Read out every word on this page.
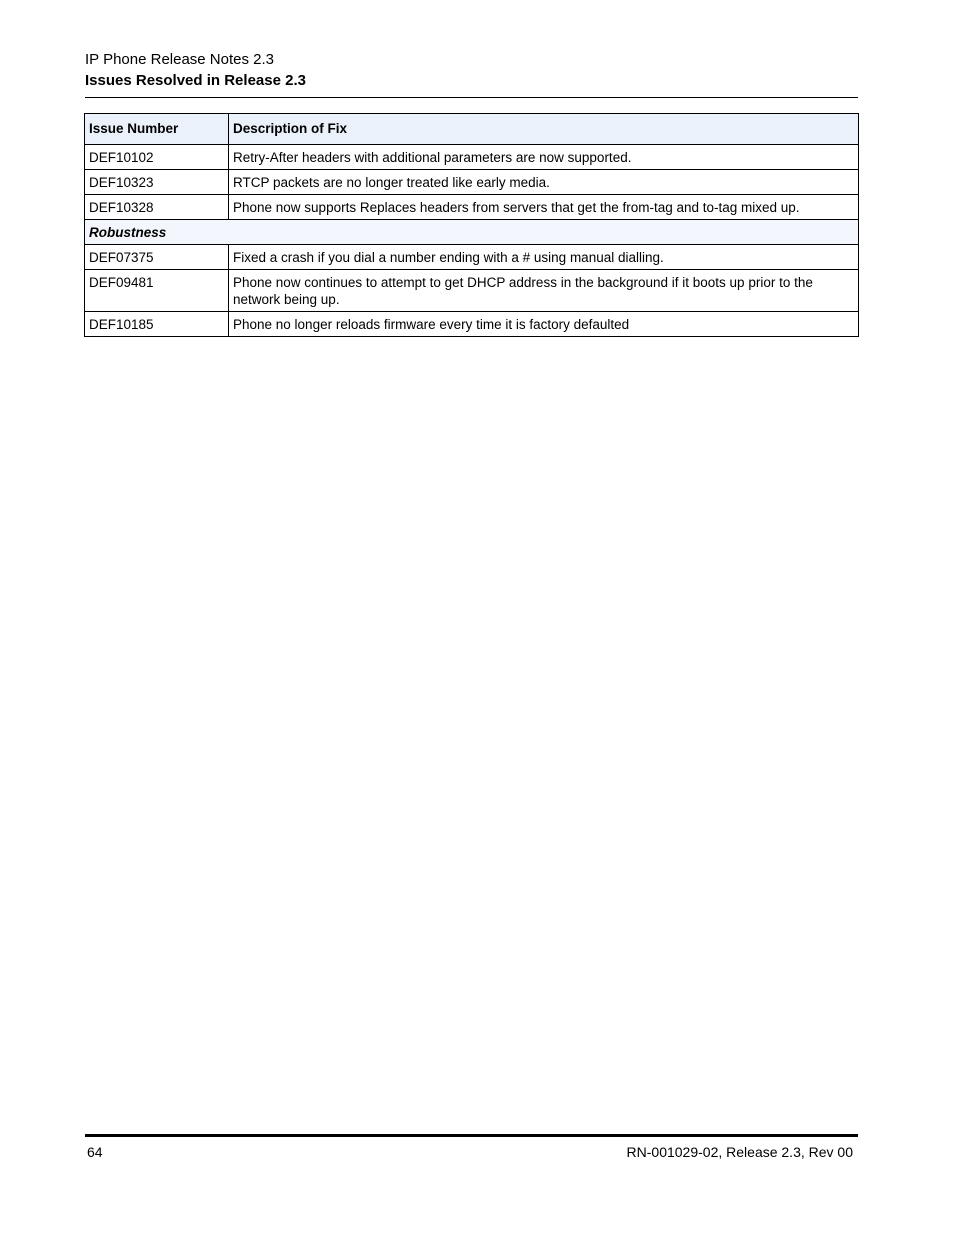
IP Phone Release Notes 2.3

Issues Resolved in Release 2.3

Issue Number	Description of Fix
DEF10102	Retry-After headers with additional parameters are now supported.
DEF10323	RTCP packets are no longer treated like early media.
DEF10328	Phone now supports Replaces headers from servers that get the from-tag and to-tag mixed up.
Robustness	
DEF07375	Fixed a crash if you dial a number ending with a # using manual dialling.
DEF09481	Phone now continues to attempt to get DHCP address in the background if it boots up prior to the network being up.
DEF10185	Phone no longer reloads firmware every time it is factory defaulted
64	RN-001029-02, Release 2.3, Rev 00
